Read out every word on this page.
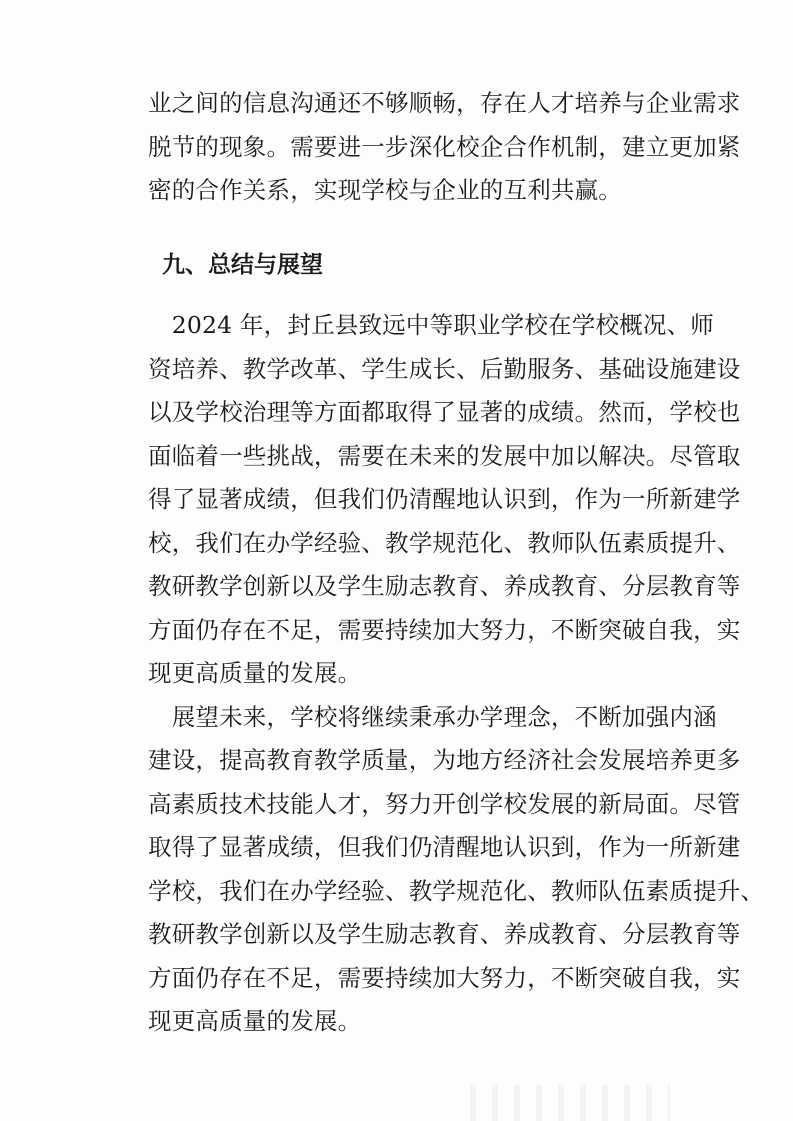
业之间的信息沟通还不够顺畅，存在人才培养与企业需求
脱节的现象。需要进一步深化校企合作机制，建立更加紧
密的合作关系，实现学校与企业的互利共赢。
九、总结与展望
　2024 年，封丘县致远中等职业学校在学校概况、师
资培养、教学改革、学生成长、后勤服务、基础设施建设
以及学校治理等方面都取得了显著的成绩。然而，学校也
面临着一些挑战，需要在未来的发展中加以解决。尽管取
得了显著成绩，但我们仍清醒地认识到，作为一所新建学
校，我们在办学经验、教学规范化、教师队伍素质提升、
教研教学创新以及学生励志教育、养成教育、分层教育等
方面仍存在不足，需要持续加大努力，不断突破自我，实
现更高质量的发展。
　展望未来，学校将继续秉承办学理念，不断加强内涵
建设，提高教育教学质量，为地方经济社会发展培养更多
高素质技术技能人才，努力开创学校发展的新局面。尽管
取得了显著成绩，但我们仍清醒地认识到，作为一所新建
学校，我们在办学经验、教学规范化、教师队伍素质提升、
教研教学创新以及学生励志教育、养成教育、分层教育等
方面仍存在不足，需要持续加大努力，不断突破自我，实
现更高质量的发展。
